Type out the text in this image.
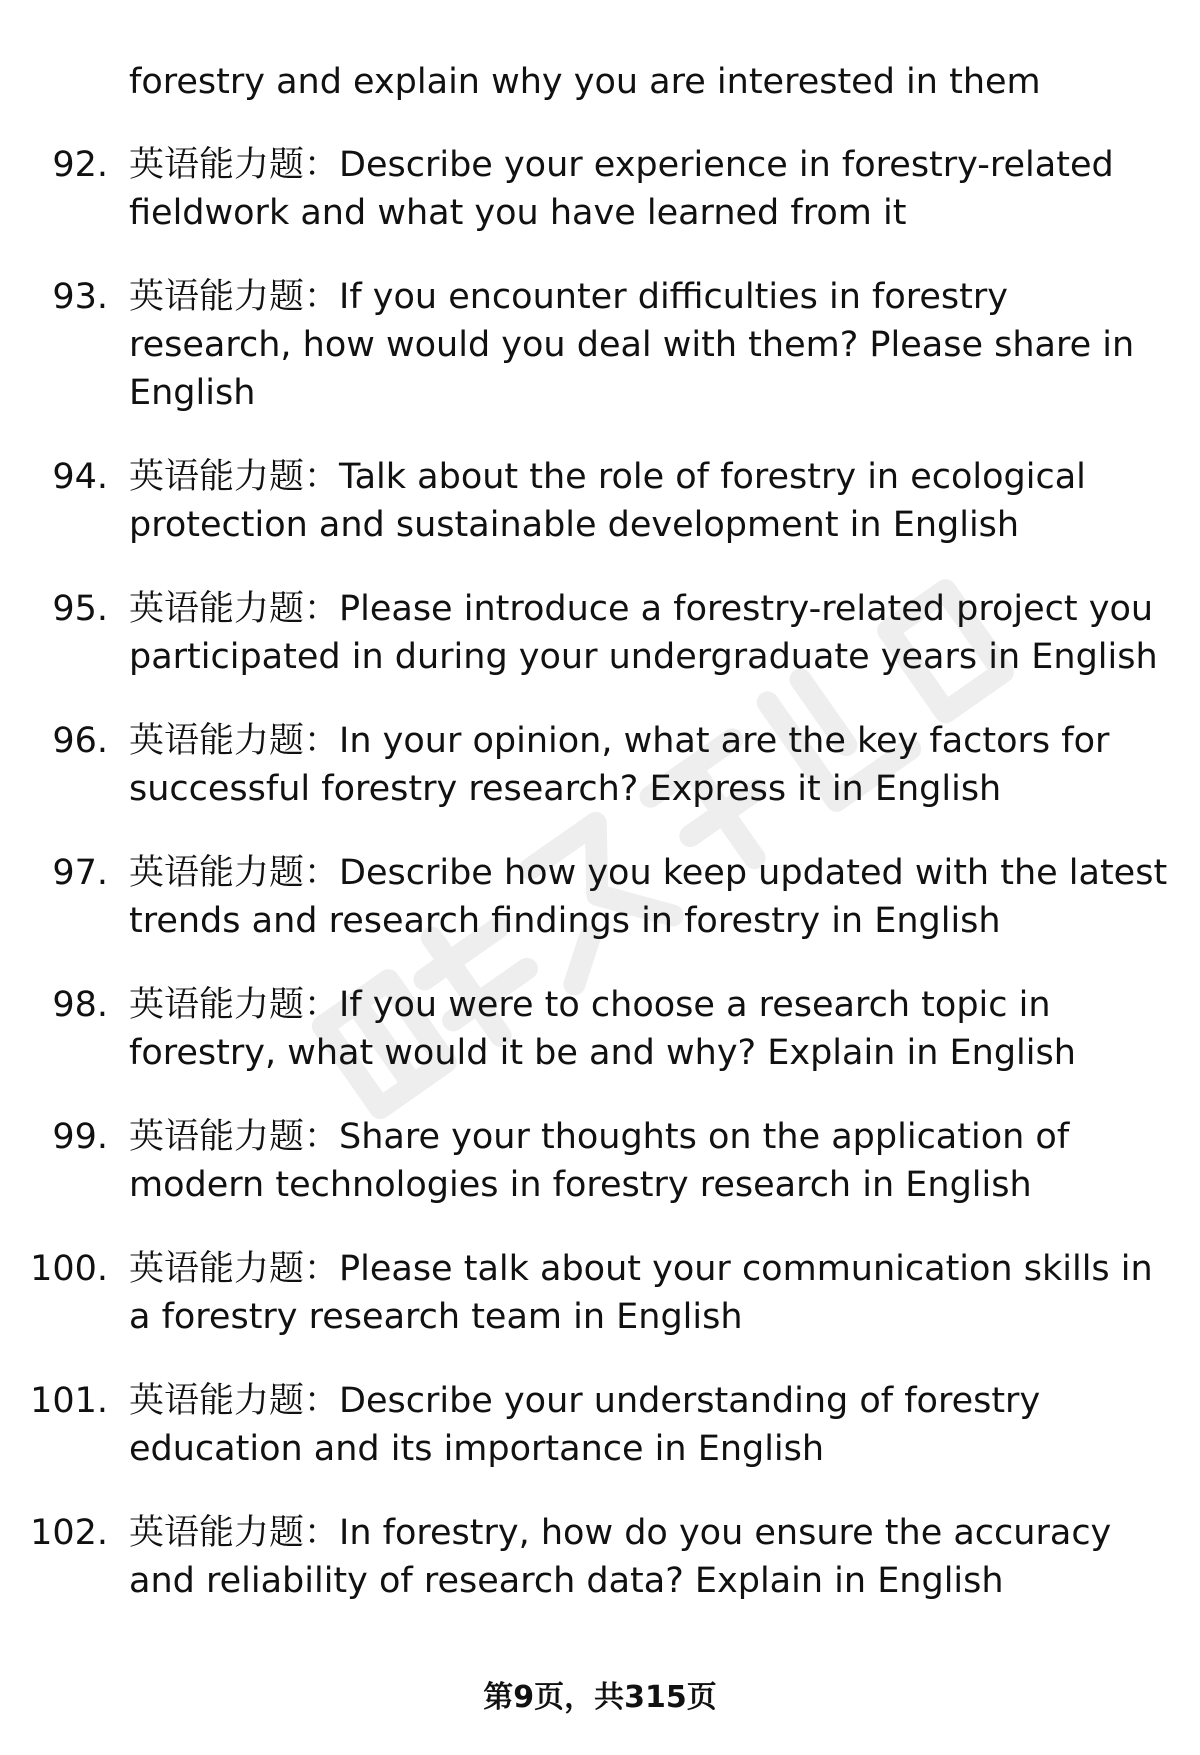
forestry and explain why you are interested in them
92. 英语能力题：Describe your experience in forestry-related fieldwork and what you have learned from it
93. 英语能力题：If you encounter difficulties in forestry research, how would you deal with them? Please share in English
94. 英语能力题：Talk about the role of forestry in ecological protection and sustainable development in English
95. 英语能力题：Please introduce a forestry-related project you participated in during your undergraduate years in English
96. 英语能力题：In your opinion, what are the key factors for successful forestry research? Express it in English
97. 英语能力题：Describe how you keep updated with the latest trends and research findings in forestry in English
98. 英语能力题：If you were to choose a research topic in forestry, what would it be and why? Explain in English
99. 英语能力题：Share your thoughts on the application of modern technologies in forestry research in English
100. 英语能力题：Please talk about your communication skills in a forestry research team in English
101. 英语能力题：Describe your understanding of forestry education and its importance in English
102. 英语能力题：In forestry, how do you ensure the accuracy and reliability of research data? Explain in English
第9页，共315页
